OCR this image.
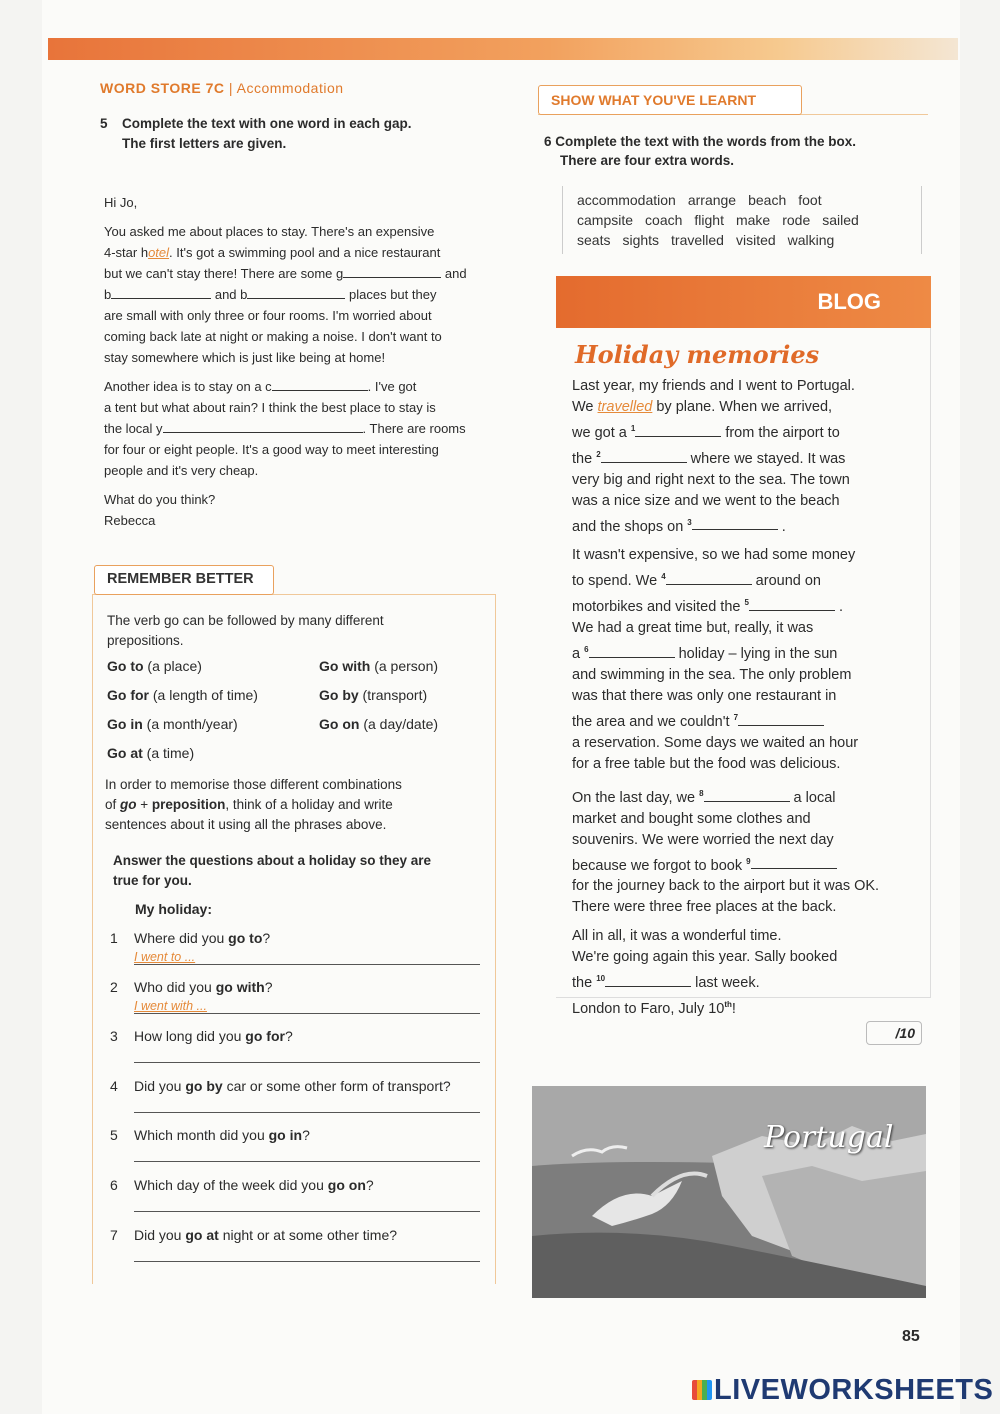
WORD STORE 7C | Accommodation
5 Complete the text with one word in each gap.
The first letters are given.

Hi Jo,

You asked me about places to stay. There's an expensive
4-star hotel. It's got a swimming pool and a nice restaurant
but we can't stay there! There are some g	and
b	and b	places but they
are small with only three or four rooms. I'm worried about
coming back late at night or making a noise. I don't want to
stay somewhere which is just like being at home!

Another idea is to stay on a c	. I've got
a tent but what about rain? I think the best place to stay is
the local y	. There are rooms
for four or eight people. It's a good way to meet interesting
people and it's very cheap.

What do you think?
Rebecca

REMEMBER BETTER
The verb go can be followed by many different
prepositions.
Go to (a place)	Go with (a person)
Go for (a length of time)	Go by (transport)
Go in (a month/year)	Go on (a day/date)
Go at (a time)
In order to memorise those different combinations
of go + preposition, think of a holiday and write
sentences about it using all the phrases above.
Answer the questions about a holiday so they are
true for you.
My holiday:
1 Where did you go to?
I went to ...
2 Who did you go with?
I went with ...
3 How long did you go for?
4 Did you go by car or some other form of transport?
5 Which month did you go in?
6 Which day of the week did you go on?
7 Did you go at night or at some other time?
SHOW WHAT YOU'VE LEARNT
6 Complete the text with the words from the box.
There are four extra words.
accommodation arrange beach foot
campsite coach flight make rode sailed
seats sights travelled visited walking
BLOG
Holiday memories

Last year, my friends and I went to Portugal.
We travelled by plane. When we arrived,
we got a $^1$	from the airport to
the $^2$	where we stayed. It was
very big and right next to the sea. The town
was a nice size and we went to the beach
and the shops on $^3$	.

It wasn't expensive, so we had some money
to spend. We $^4$	around on
motorbikes and visited the $^5$	.
We had a great time but, really, it was
a $^6$	holiday – lying in the sun
and swimming in the sea. The only problem
was that there was only one restaurant in
the area and we couldn't $^7$
a reservation. Some days we waited an hour
for a free table but the food was delicious.

On the last day, we $^8$	a local
market and bought some clothes and
souvenirs. We were worried the next day
because we forgot to book $^9$
for the journey back to the airport but it was OK.
There were three free places at the back.

All in all, it was a wonderful time.
We're going again this year. Sally booked
the $^{10}$	last week.
London to Faro, July 10th!

/10
Portugal
85
LIVEWORKSHEETS
